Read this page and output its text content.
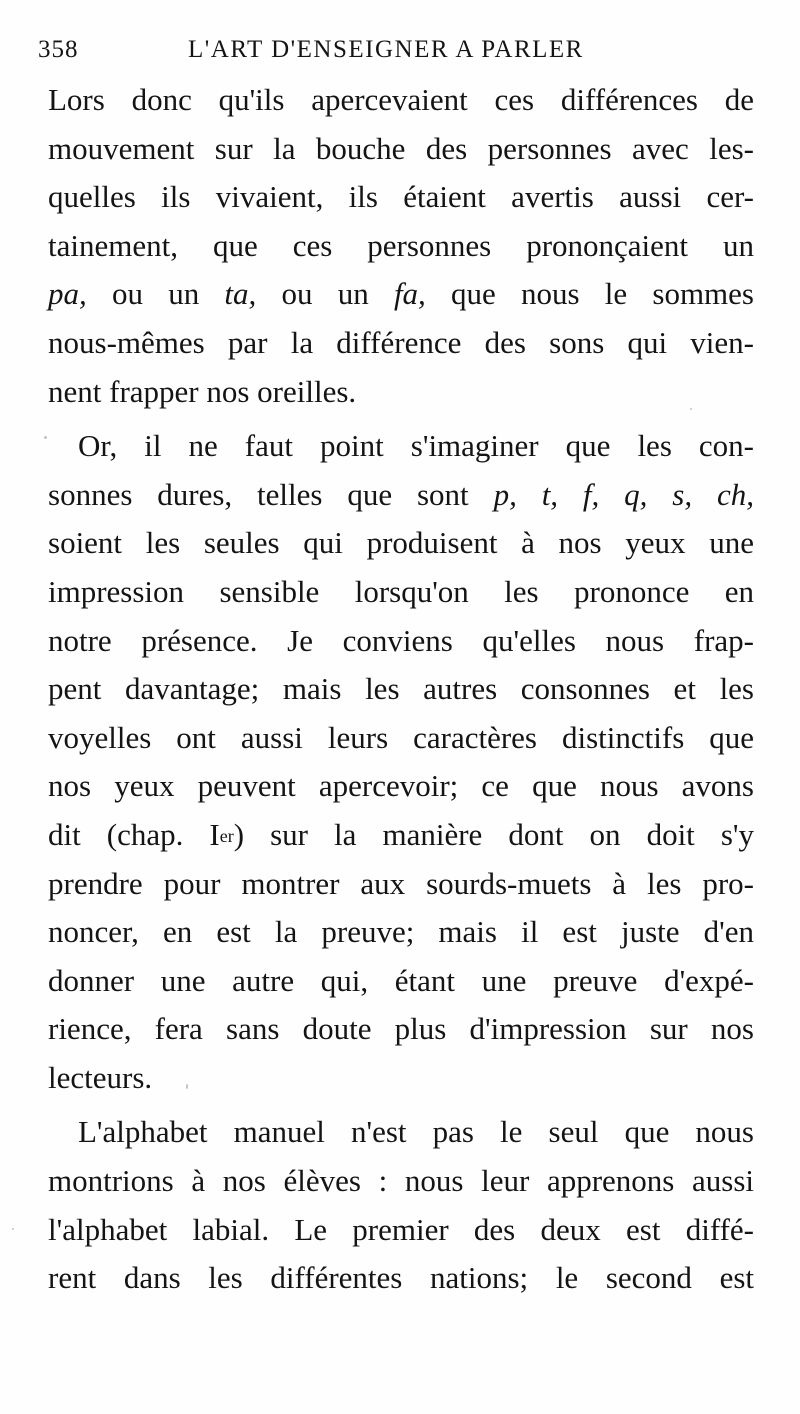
358	L'ART D'ENSEIGNER A PARLER
Lors donc qu'ils apercevaient ces différences de
mouvement sur la bouche des personnes avec les-
quelles ils vivaient, ils étaient avertis aussi cer-
tainement, que ces personnes prononçaient un
pa, ou un ta, ou un fa, que nous le sommes
nous-mêmes par la différence des sons qui vien-
nent frapper nos oreilles.
Or, il ne faut point s'imaginer que les con-
sonnes dures, telles que sont p, t, f, q, s, ch,
soient les seules qui produisent à nos yeux une
impression sensible lorsqu'on les prononce en
notre présence. Je conviens qu'elles nous frap-
pent davantage; mais les autres consonnes et les
voyelles ont aussi leurs caractères distinctifs que
nos yeux peuvent apercevoir; ce que nous avons
dit (chap. Ier) sur la manière dont on doit s'y
prendre pour montrer aux sourds-muets à les pro-
noncer, en est la preuve; mais il est juste d'en
donner une autre qui, étant une preuve d'expé-
rience, fera sans doute plus d'impression sur nos
lecteurs.
L'alphabet manuel n'est pas le seul que nous
montrions à nos élèves : nous leur apprenons aussi
l'alphabet labial. Le premier des deux est diffé-
rent dans les différentes nations; le second est
